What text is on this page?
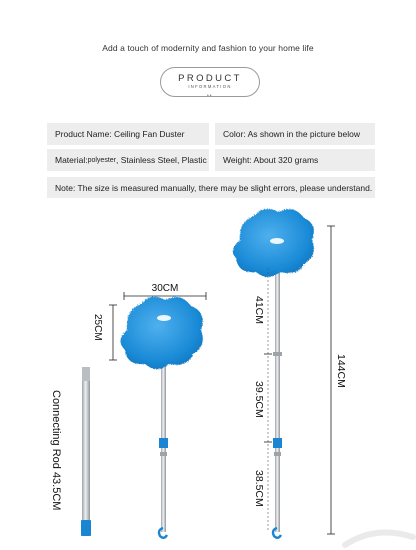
Add a touch of modernity and fashion to your home life
PRODUCT
INFORMATION
••
Product Name: Ceiling Fan Duster	Color: As shown in the picture below
Material: polyester , Stainless Steel, Plastic Weight: About 320 grams
Note: The size is measured manually, there may be slight errors, please understand.
Connecting Rod 43.5CM
30CM
25CM
41CM
39.5CM
38.5CM
144CM
